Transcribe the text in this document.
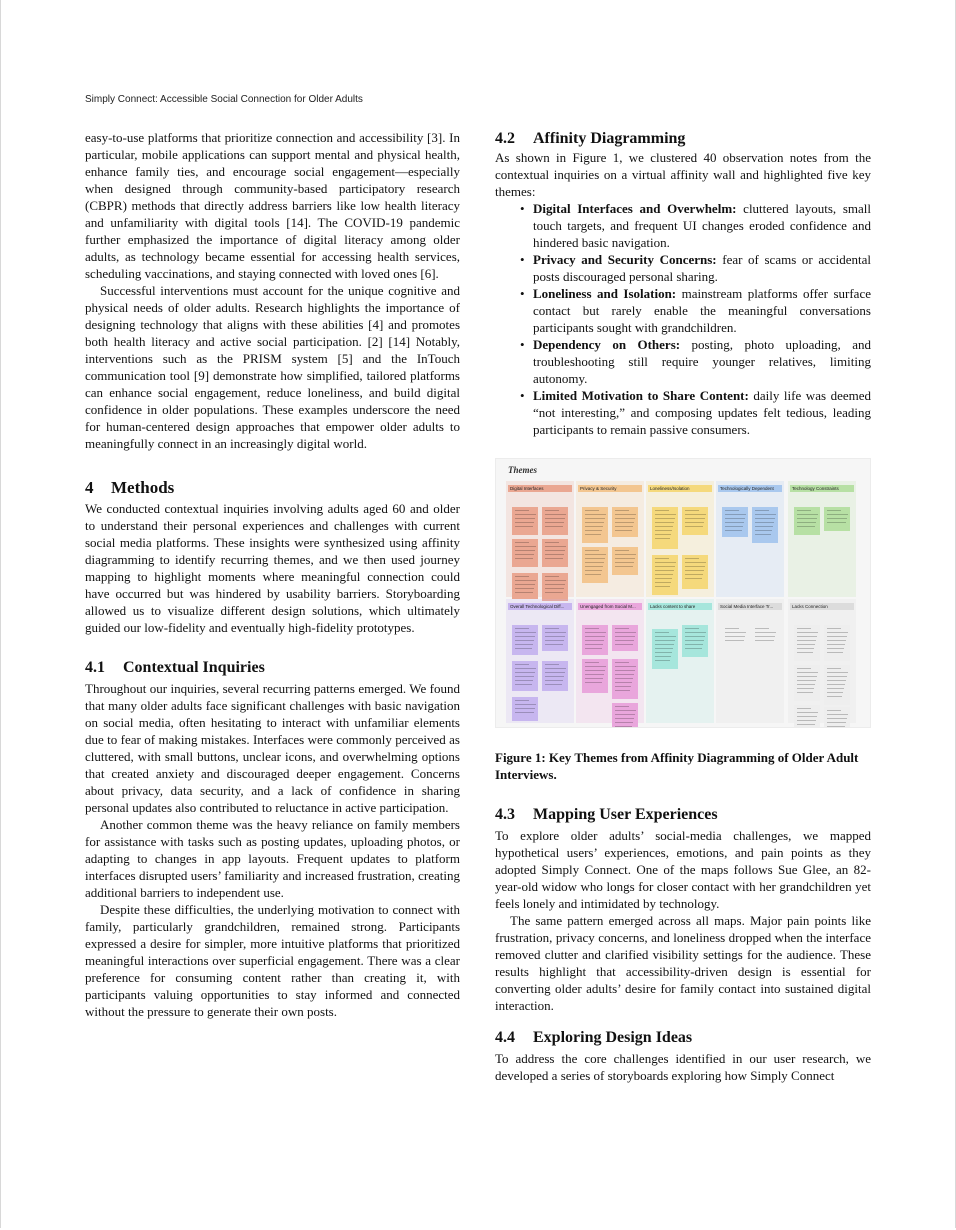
Simply Connect: Accessible Social Connection for Older Adults

easy-to-use platforms that prioritize connection and accessibility [3]. In particular, mobile applications can support mental and physical health, enhance family ties, and encourage social engagement—especially when designed through community-based participatory research (CBPR) methods that directly address barriers like low health literacy and unfamiliarity with digital tools [14]. The COVID-19 pandemic further emphasized the importance of digital literacy among older adults, as technology became essential for accessing health services, scheduling vaccinations, and staying connected with loved ones [6].

Successful interventions must account for the unique cognitive and physical needs of older adults. Research highlights the importance of designing technology that aligns with these abilities [4] and promotes both health literacy and active social participation. [2] [14] Notably, interventions such as the PRISM system [5] and the InTouch communication tool [9] demonstrate how simplified, tailored platforms can enhance social engagement, reduce loneliness, and build digital confidence in older populations. These examples underscore the need for human-centered design approaches that empower older adults to meaningfully connect in an increasingly digital world.

4 Methods

We conducted contextual inquiries involving adults aged 60 and older to understand their personal experiences and challenges with current social media platforms. These insights were synthesized using affinity diagramming to identify recurring themes, and we then used journey mapping to highlight moments where meaningful connection could have occurred but was hindered by usability barriers. Storyboarding allowed us to visualize different design solutions, which ultimately guided our low-fidelity and eventually high-fidelity prototypes.

4.1 Contextual Inquiries

Throughout our inquiries, several recurring patterns emerged. We found that many older adults face significant challenges with basic navigation on social media, often hesitating to interact with unfamiliar elements due to fear of making mistakes. Interfaces were commonly perceived as cluttered, with small buttons, unclear icons, and overwhelming options that created anxiety and discouraged deeper engagement. Concerns about privacy, data security, and a lack of confidence in sharing personal updates also contributed to reluctance in active participation.

Another common theme was the heavy reliance on family members for assistance with tasks such as posting updates, uploading photos, or adapting to changes in app layouts. Frequent updates to platform interfaces disrupted users’ familiarity and increased frustration, creating additional barriers to independent use.

Despite these difficulties, the underlying motivation to connect with family, particularly grandchildren, remained strong. Participants expressed a desire for simpler, more intuitive platforms that prioritized meaningful interactions over superficial engagement. There was a clear preference for consuming content rather than creating it, with participants valuing opportunities to stay informed and connected without the pressure to generate their own posts.

4.2 Affinity Diagramming

As shown in Figure 1, we clustered 40 observation notes from the contextual inquiries on a virtual affinity wall and highlighted five key themes:

• Digital Interfaces and Overwhelm: cluttered layouts, small touch targets, and frequent UI changes eroded confidence and hindered basic navigation.
• Privacy and Security Concerns: fear of scams or accidental posts discouraged personal sharing.
• Loneliness and Isolation: mainstream platforms offer surface contact but rarely enable the meaningful conversations participants sought with grandchildren.
• Dependency on Others: posting, photo uploading, and troubleshooting still require younger relatives, limiting autonomy.
• Limited Motivation to Share Content: daily life was deemed “not interesting,” and composing updates felt tedious, leading participants to remain passive consumers.
Themes
Digital Interfaces	Privacy & Security	Loneliness/Isolation	Technologically Dependent	Technology Constraints
Overall Technological Diff...	Unengaged from Social M...	Lacks content to share	Social Media Interface Tr...	Lacks Connection
Figure 1: Key Themes from Affinity Diagramming of Older Adult Interviews.
4.3 Mapping User Experiences

To explore older adults’ social-media challenges, we mapped hypothetical users’ experiences, emotions, and pain points as they adopted Simply Connect. One of the maps follows Sue Glee, an 82-year-old widow who longs for closer contact with her grandchildren yet feels lonely and intimidated by technology.

The same pattern emerged across all maps. Major pain points like frustration, privacy concerns, and loneliness dropped when the interface removed clutter and clarified visibility settings for the audience. These results highlight that accessibility-driven design is essential for converting older adults’ desire for family contact into sustained digital interaction.

4.4 Exploring Design Ideas

To address the core challenges identified in our user research, we developed a series of storyboards exploring how Simply Connect
